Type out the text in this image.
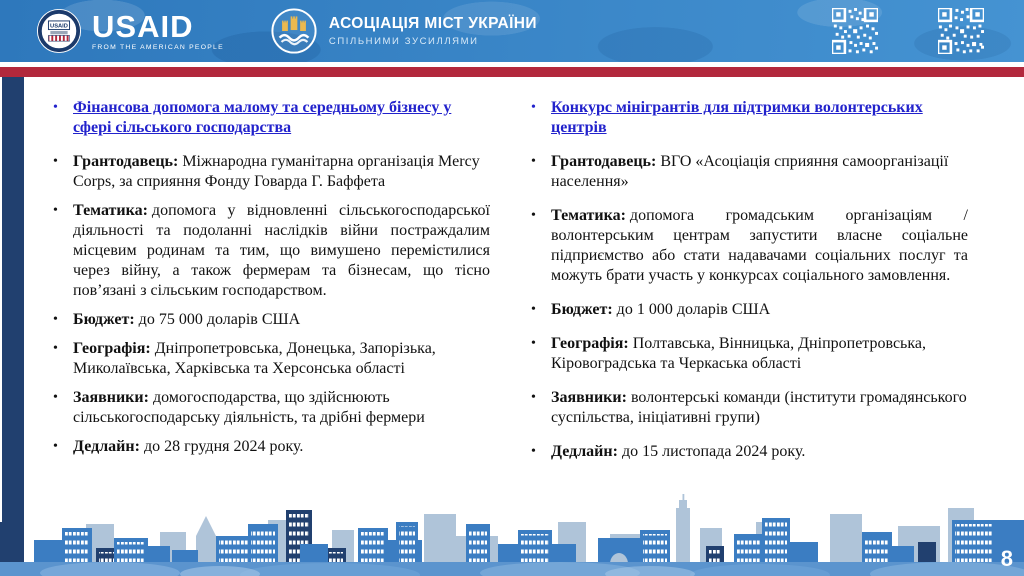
USAID USAID
FROM THE AMERICAN PEOPLE
АСОЦІАЦІЯ МІСТ УКРАЇНИ
СПІЛЬНИМИ ЗУСИЛЛЯМИ
• Фінансова допомога малому та середньому бізнесу у сфері сільського господарства
• Грантодавець: Міжнародна гуманітарна організація Mercy Corps, за сприяння Фонду Говарда Г. Баффета
• Тематика: допомога у відновленні сільськогосподарської діяльності та подоланні наслідків війни постраждалим місцевим родинам та тим, що вимушено перемістилися через війну, а також фермерам та бізнесам, що тісно пов’язані з сільським господарством.
• Бюджет: до 75 000 доларів США
• Географія: Дніпропетровська, Донецька, Запорізька, Миколаївська, Харківська та Херсонська області
• Заявники: домогосподарства, що здійснюють сільськогосподарську діяльність, та дрібні фермери
• Дедлайн: до 28 грудня 2024 року.
• Конкурс мінігрантів для підтримки волонтерських центрів
• Грантодавець: ВГО «Асоціація сприяння самоорганізації населення»
• Тематика: допомога громадським організаціям / волонтерським центрам запустити власне соціальне підприємство або стати надавачами соціальних послуг та можуть брати участь у конкурсах соціального замовлення.
• Бюджет: до 1 000 доларів США
• Географія: Полтавська, Вінницька, Дніпропетровська, Кіровоградська та Черкаська області
• Заявники: волонтерські команди (інститути громадянського суспільства, ініціативні групи)
• Дедлайн: до 15 листопада 2024 року.
8
